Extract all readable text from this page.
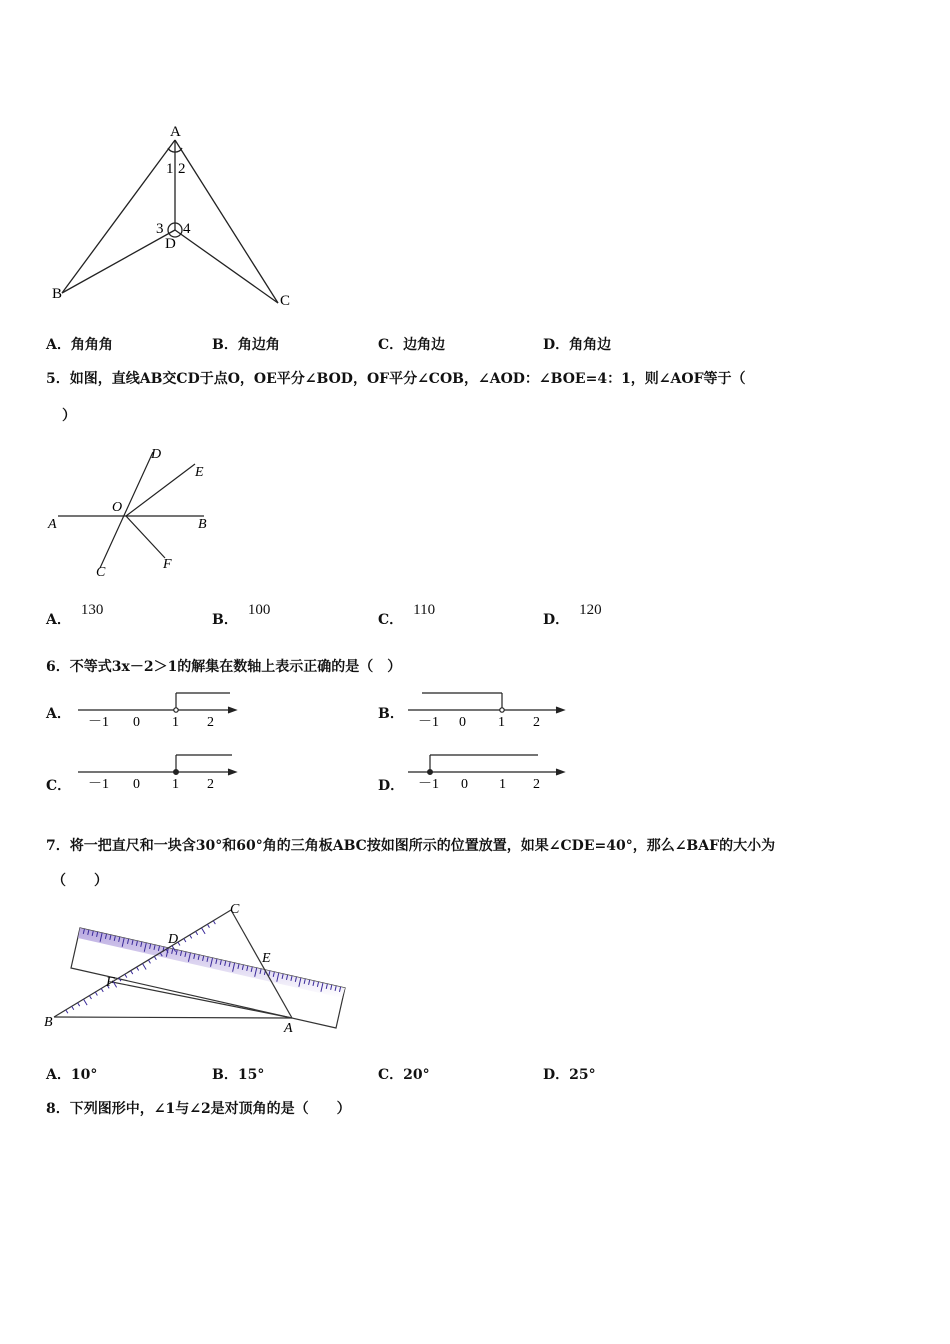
A
1 2
3 4
D
B	C
A．角角角	B．角边角	C．边角边	D．角角边
5．如图，直线AB交CD于点O，OE平分∠BOD，OF平分∠COB，∠AOD：∠BOE=4：1，则∠AOF等于（
）
D
E
O
A	B
C
F
A．130
B．100
C．110
D．120
6．不等式3x－2＞1的解集在数轴上表示正确的是（　）
A．
－1 0 1 2
B．
－1 0 1 2
C． －1 0 1 2	D． －1 0 1 2
7．将一把直尺和一块含30°和60°角的三角板ABC按如图所示的位置放置，如果∠CDE=40°，那么∠BAF的大小为
（　　）
C
D
E
F
B	A
A．10°	B．15°	C．20°	D．25°
8．下列图形中，∠1与∠2是对顶角的是（　　）
